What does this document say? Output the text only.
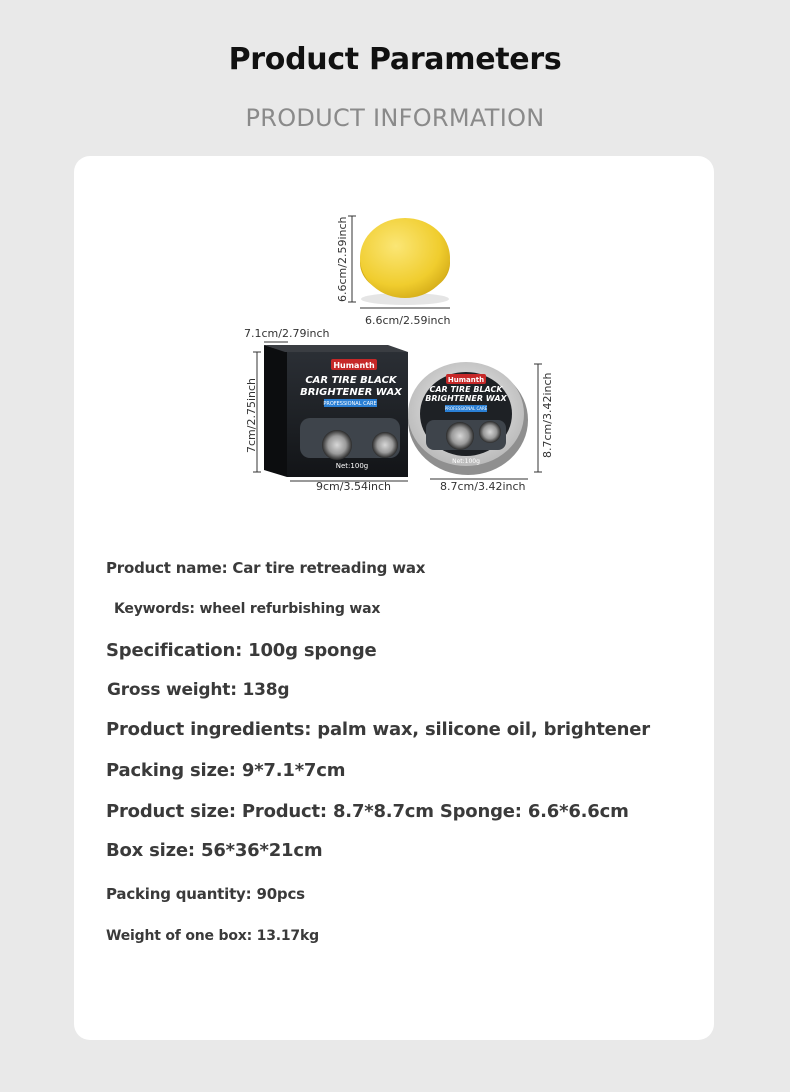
Product Parameters
PRODUCT INFORMATION
6.6cm/2.59inch
6.6cm/2.59inch
Humanth
CAR TIRE BLACK
BRIGHTENER WAX
PROFESSIONAL CARE
Net:100g
7.1cm/2.79inch
7cm/2.75inch
9cm/3.54inch
Humanth
CAR TIRE BLACK
BRIGHTENER WAX
PROFESSIONAL CARE
Net:100g
8.7cm/3.42inch
8.7cm/3.42inch
Product name: Car tire retreading wax
Keywords: wheel refurbishing wax
Specification: 100g sponge
Gross weight: 138g
Product ingredients: palm wax, silicone oil, brightener
Packing size: 9*7.1*7cm
Product size: Product: 8.7*8.7cm Sponge: 6.6*6.6cm
Box size: 56*36*21cm
Packing quantity: 90pcs
Weight of one box: 13.17kg
